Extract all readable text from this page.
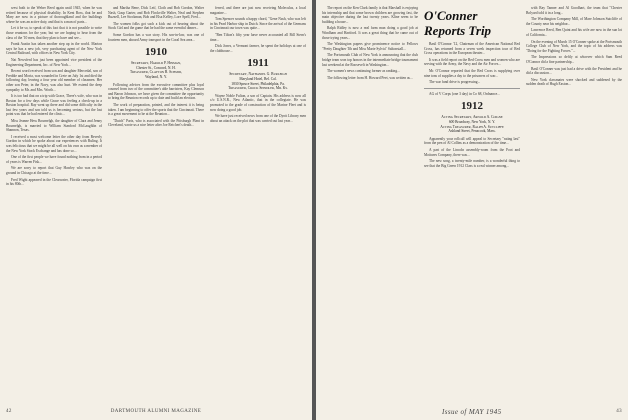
west both to the Weber Reed again until 1945, when he was retired because of physical disability. In Kent Ross, that he and Mary are now in a picture of thoroughland and the buildings where he was an active duty, and that is a man of parts...

Let it be so, to speak of this fact that it is not possible to write those reunions for the year, but we are hoping to hear from the class of the '10 men, that they plan to have and see...

Frank Austin has taken another step up in the world. Marion says he has a new job, very purchasing agent of the New York Central Railroad, with offices in New York City.

Nat Newsferd has just been appointed vice president of the Engineering Department, Inc. of New York...

Recent word received from son and daughter Mercedal, son of Freddie and Moria, was wounded in Crete on July 1st and died the following day, leaving a four year old member of classmen. Her other son Peter, in the Navy, was also hurt. We extend the deep sympathy to Mr. and Mrs. Worth...

It is too bad that on a trip with Grace, There's wife, who was in Boston for a few days while Grace was feeling a check-up in a Boston hospital. Ray went up there and did some difficulty in the last few years and son told us is becoming serious, but the last point was that he had entered the clinic...

Miss Jeanne Hess Bournelgh, the daughter of Clara and Jenny Bournelgh, is married to William Stanford McLaughlin of Shannon, Texas.

I received a most welcome letter the other day from Beverly Gordon in which he spoke about our experiences with Ruling. It was felicitous that we might be all well on his own as a member of the New York Stock Exchange and has done so...

One of the first people we have found nothing from in a period of years is Warren Fisk...

We are sorry to report that Guy Hawley who was on the ground in Chicago at the time...

Fred Wight appeared in the Clearwater, Florida campaign first in his 80th...

and Martha Bene, Dick Leif, Cloth and Bob Gordon, Walter Nash, Gasp Garter, and Bob Flockville Walter, Neal and Stephen Buzzell, Lee Stockman, Bob and Elsa Kelley, Lore Spell, Fred...

The women folks got such a kick out of hearing about the Stock Girl and the game that he had the same eventful dinner...

Some Gordon has a war story. His son-in-law, was one of fourteen men, aboard Army transport in the Coral Sea area...

1910
Secretary, Harold P. Hinman,
Chester St., Concord, N. H.
Treasurer, Clayton B. Schmid,
Wayland, N. Y.

Following advices from the executive committee plus loyal counsel from two of the committee's able barristers, Kay Clemson and Baron Johnson, we have given the committee the opportunity to bring the Reunion records up to date and build an election.

The work of preparation, printed, and the interest it is being taken. I am beginning to offer the sports that the Cincinnati. There is a great movement to be at the Reunion...

"Dutch" Paris, who is associated with the Pittsburgh Plant in Cleveland, wrote us a nice letter after Joe Reichert's death...

ferred, and there are just now receiving Moleculus, a local magazine...

Tom Spencer sounds a happy chord, "Gene Nash, who was left in his Pearl Harbor ship in Dutch. Since the arrival of the Germans in Cincinnati our town was quite...

"Ben Tilton's fifty year have never accounted all Bill Stern's time...

Dick Jones, a Vermont farmer, he spent the holidays at one of the clubhouse...

1911
Secretary, Nathaniel G. Burleigh
Maryland Hotel, Bel. Cal.
1830 Spruce Street, Philadelphia, Pa.
Treasurer, Crock Spindler, Mil Ks.

Wayne Noble Fulton, a son of Captain. His address is now all c/o U.S.N.R., New Atlantic, that in the collegiate. He was promoted to the grade of construction of the Marine Fleet and is now doing a good job.

We have just received news from one of the Dyott Library men about an attack on the plot that was carried out last year...

42	DARTMOUTH ALUMNI MAGAZINE

The report on the Ken Clark family is that Marshall is enjoying his internship and that some brown children are growing fast, the main objective during the last twenty years. Kline seem to be building a house...

Ralph Ridley is now a real farm man doing a good job at Windham and Hartford. It was a great thing that he came out of those trying years...

The Washington papers give prominence notice to Fellows "Pretty Daughter Tib and Miss Marie Sylvia" Saltonstall...

The Portsmouth Club of New York is announcing that the club bridge team won top honors in the intermediate bridge tournament last weekend at the Roosevelt in Washington...

The women's news continuing former as ranking...

The following letter from H. Howard Peet, was written as...

O'Conner Reports Trip

Basil O'Connor '12, Chairman of the American National Red Cross, has returned from a seven week inspection tour of Red Cross operations in the European theater...

It was a field report on the Red Cross men and women who are serving with the Army, the Navy and the Air Forces...

Mr. O'Connor reported that the Red Cross is supplying over nine tons of supplies a day to the prisoners of war...

The war fund drive is progressing...

AG of V Corps (one 3 day) in Co 68, Ordnance...

1912
Acting Secretary, Arnold A. Coigne
600 Broadway, New York, N. Y.
Acting Treasurer, Ralph A. Sutcliffe
Ashland Street, Penacook, Mass.

Apparently your rollcall will appeal to Secretary "rating last" from the pen of Al Collins as a demonstration of the time...

A part of the Lincoln assembly-room from the Foot and Moitures Company, there was...

The new song, a twenty-mile number, is a wonderful thing to see that the Big Green 1912 Class is a real winner among...

with Ray Tanner and Al Goodhart, the team that "Chester Bolyard told it in a long...

The Worthington Company Mill, of Mare Johnson Sutcliffe of the County near his neighbor...

Lawrence Reed, Ben Quint and his wife are now in the sun lot of California...

On the evening of March 15 O'Conner spoke at the Portsmouth College Club of New York, and the topic of his address was "Doing for the Fighting Forces."...

The Impressions so deftly at whoever which Sam Reed O'Connor did a fine partnership...

Basil O'Conner was just had a drive with the President and he did a discussion...

New York classmates were shocked and saddened by the sudden death of Hugh Easton...

Issue of MAY 1945	43
